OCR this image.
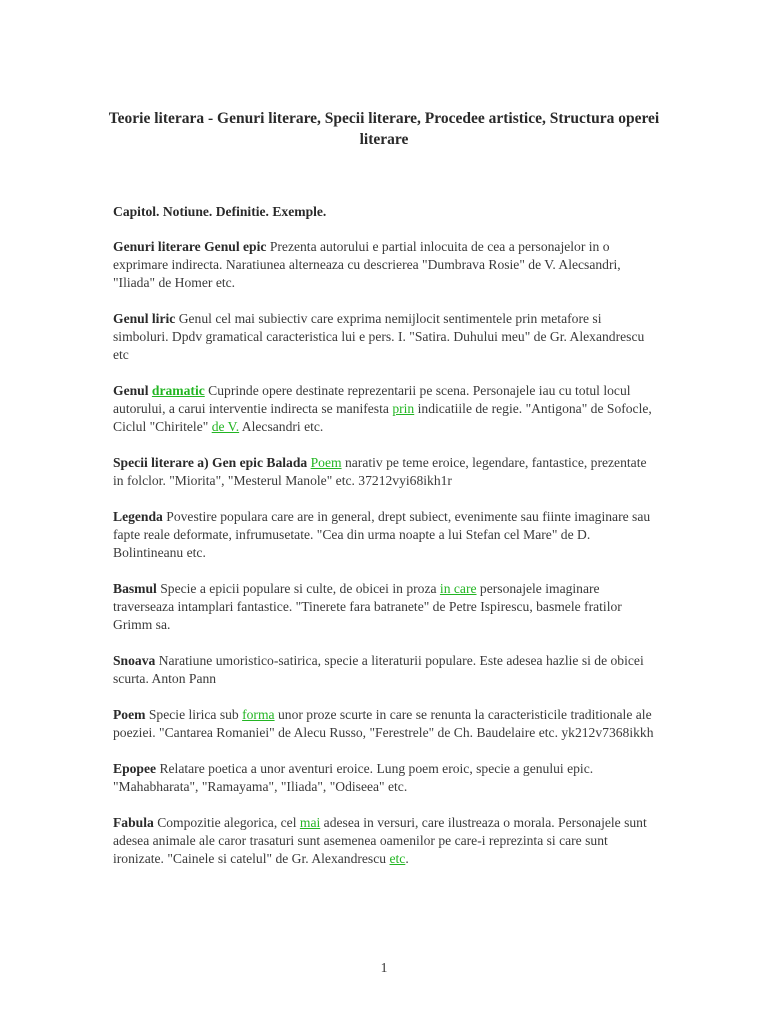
Teorie literara - Genuri literare, Specii literare, Procedee artistice, Structura operei literare
Capitol. Notiune. Definitie. Exemple.

Genuri literare Genul epic Prezenta autorului e partial inlocuita de cea a personajelor in o exprimare indirecta. Naratiunea alterneaza cu descrierea "Dumbrava Rosie" de V. Alecsandri, "Iliada" de Homer etc.

Genul liric Genul cel mai subiectiv care exprima nemijlocit sentimentele prin metafore si simboluri. Dpdv gramatical caracteristica lui e pers. I. "Satira. Duhului meu" de Gr. Alexandrescu etc

Genul dramatic Cuprinde opere destinate reprezentarii pe scena. Personajele iau cu totul locul autorului, a carui interventie indirecta se manifesta prin indicatiile de regie. "Antigona" de Sofocle, Ciclul "Chiritele" de V. Alecsandri etc.

Specii literare a) Gen epic Balada Poem narativ pe teme eroice, legendare, fantastice, prezentate in folclor. "Miorita", "Mesterul Manole" etc. 37212vyi68ikh1r

Legenda Povestire populara care are in general, drept subiect, evenimente sau fiinte imaginare sau fapte reale deformate, infrumusetate. "Cea din urma noapte a lui Stefan cel Mare" de D. Bolintineanu etc.

Basmul Specie a epicii populare si culte, de obicei in proza in care personajele imaginare traverseaza intamplari fantastice. "Tinerete fara batranete" de Petre Ispirescu, basmele fratilor Grimm sa.

Snoava Naratiune umoristico-satirica, specie a literaturii populare. Este adesea hazlie si de obicei scurta. Anton Pann

Poem Specie lirica sub forma unor proze scurte in care se renunta la caracteristicile traditionale ale poeziei. "Cantarea Romaniei" de Alecu Russo, "Ferestrele" de Ch. Baudelaire etc. yk212v7368ikkh

Epopee Relatare poetica a unor aventuri eroice. Lung poem eroic, specie a genului epic. "Mahabharata", "Ramayama", "Iliada", "Odiseea" etc.

Fabula Compozitie alegorica, cel mai adesea in versuri, care ilustreaza o morala. Personajele sunt adesea animale ale caror trasaturi sunt asemenea oamenilor pe care-i reprezinta si care sunt ironizate. "Cainele si catelul" de Gr. Alexandrescu etc.

1
